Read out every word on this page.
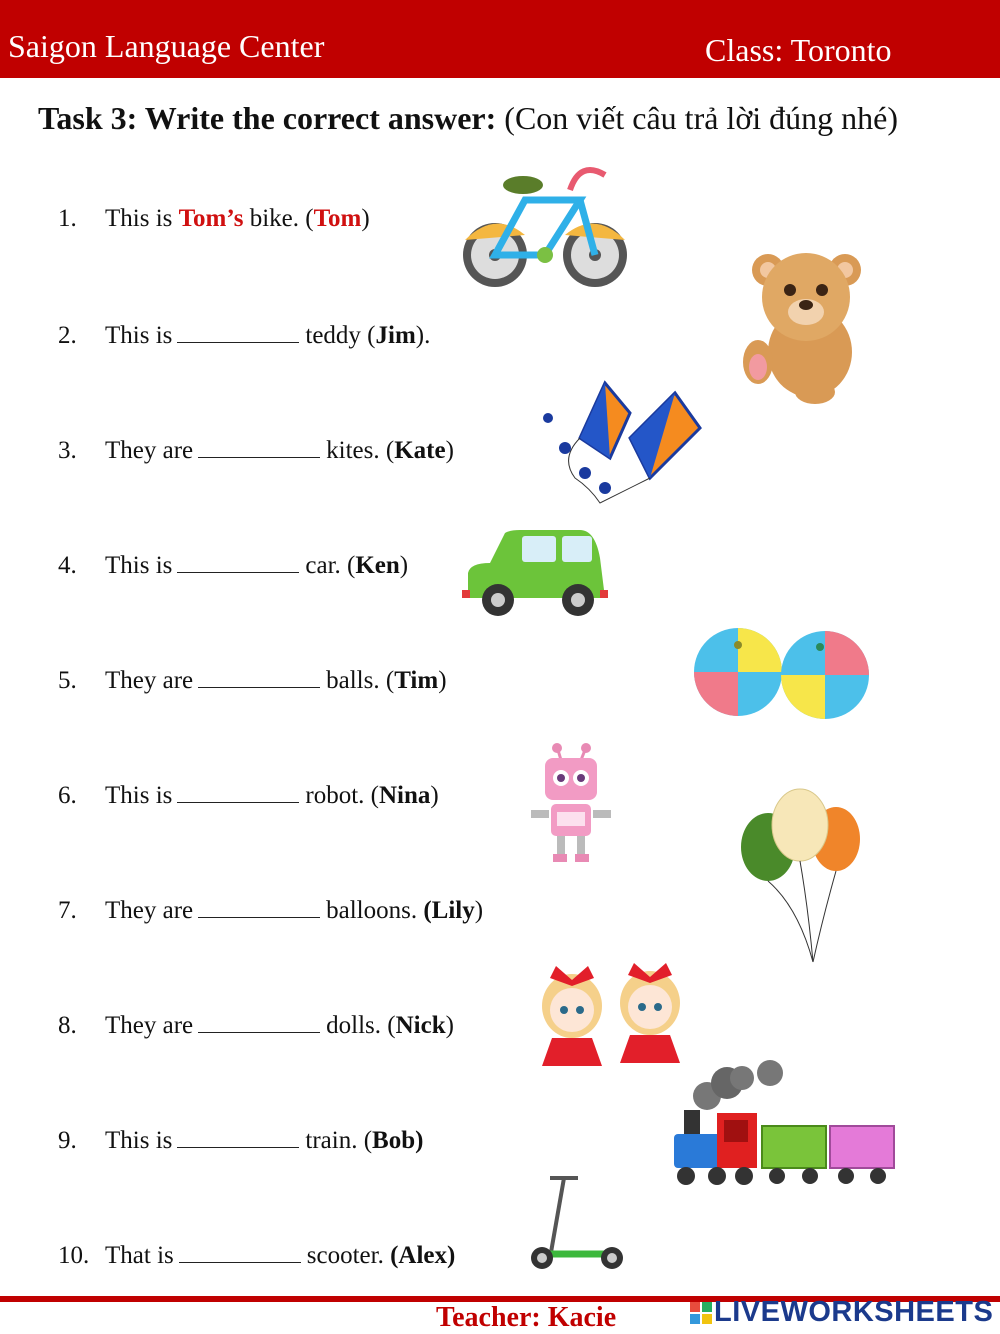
Saigon Language Center	Class: Toronto
Task 3: Write the correct answer: (Con viết câu trả lời đúng nhé)
1. This is Tom’s bike. (Tom)
2. This is	teddy (Jim).
3. They are	kites. (Kate)
4. This is	car. (Ken)
5. They are	balls. (Tim)
6. This is	robot. (Nina)
7. They are	balloons. (Lily)
8. They are	dolls. (Nick)
9. This is	train. (Bob)
10. That is	scooter. (Alex)
Teacher: Kacie	LIVEWORKSHEETS
